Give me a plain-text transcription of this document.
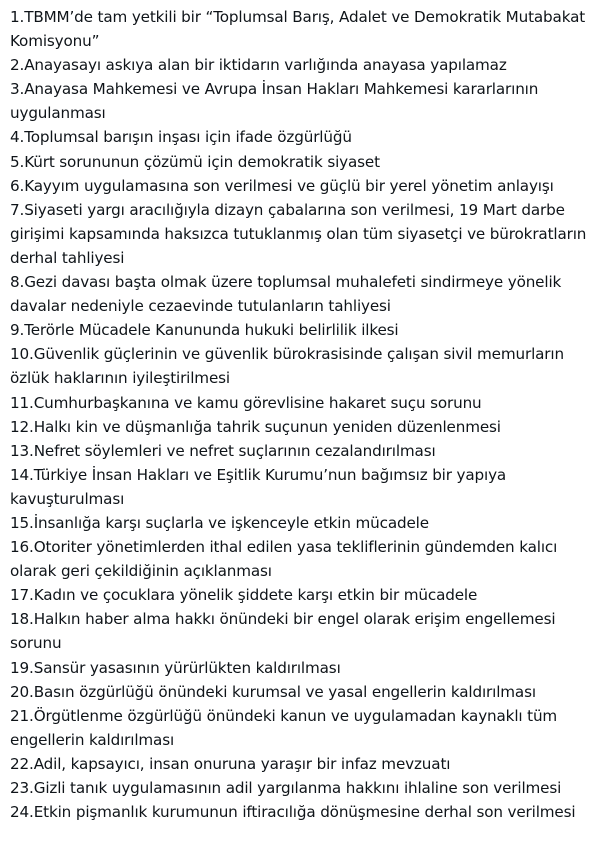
1.TBMM’de tam yetkili bir “Toplumsal Barış, Adalet ve Demokratik Mutabakat Komisyonu”

2.Anayasayı askıya alan bir iktidarın varlığında anayasa yapılamaz

3.Anayasa Mahkemesi ve Avrupa İnsan Hakları Mahkemesi kararlarının uygulanması

4.Toplumsal barışın inşası için ifade özgürlüğü

5.Kürt sorununun çözümü için demokratik siyaset

6.Kayyım uygulamasına son verilmesi ve güçlü bir yerel yönetim anlayışı

7.Siyaseti yargı aracılığıyla dizayn çabalarına son verilmesi, 19 Mart darbe girişimi kapsamında haksızca tutuklanmış olan tüm siyasetçi ve bürokratların derhal tahliyesi

8.Gezi davası başta olmak üzere toplumsal muhalefeti sindirmeye yönelik davalar nedeniyle cezaevinde tutulanların tahliyesi

9.Terörle Mücadele Kanununda hukuki belirlilik ilkesi

10.Güvenlik güçlerinin ve güvenlik bürokrasisinde çalışan sivil memurların özlük haklarının iyileştirilmesi

11.Cumhurbaşkanına ve kamu görevlisine hakaret suçu sorunu

12.Halkı kin ve düşmanlığa tahrik suçunun yeniden düzenlenmesi

13.Nefret söylemleri ve nefret suçlarının cezalandırılması

14.Türkiye İnsan Hakları ve Eşitlik Kurumu’nun bağımsız bir yapıya kavuşturulması

15.İnsanlığa karşı suçlarla ve işkenceyle etkin mücadele

16.Otoriter yönetimlerden ithal edilen yasa tekliflerinin gündemden kalıcı olarak geri çekildiğinin açıklanması

17.Kadın ve çocuklara yönelik şiddete karşı etkin bir mücadele

18.Halkın haber alma hakkı önündeki bir engel olarak erişim engellemesi sorunu

19.Sansür yasasının yürürlükten kaldırılması

20.Basın özgürlüğü önündeki kurumsal ve yasal engellerin kaldırılması

21.Örgütlenme özgürlüğü önündeki kanun ve uygulamadan kaynaklı tüm engellerin kaldırılması

22.Adil, kapsayıcı, insan onuruna yaraşır bir infaz mevzuatı

23.Gizli tanık uygulamasının adil yargılanma hakkını ihlaline son verilmesi

24.Etkin pişmanlık kurumunun iftiracılığa dönüşmesine derhal son verilmesi
